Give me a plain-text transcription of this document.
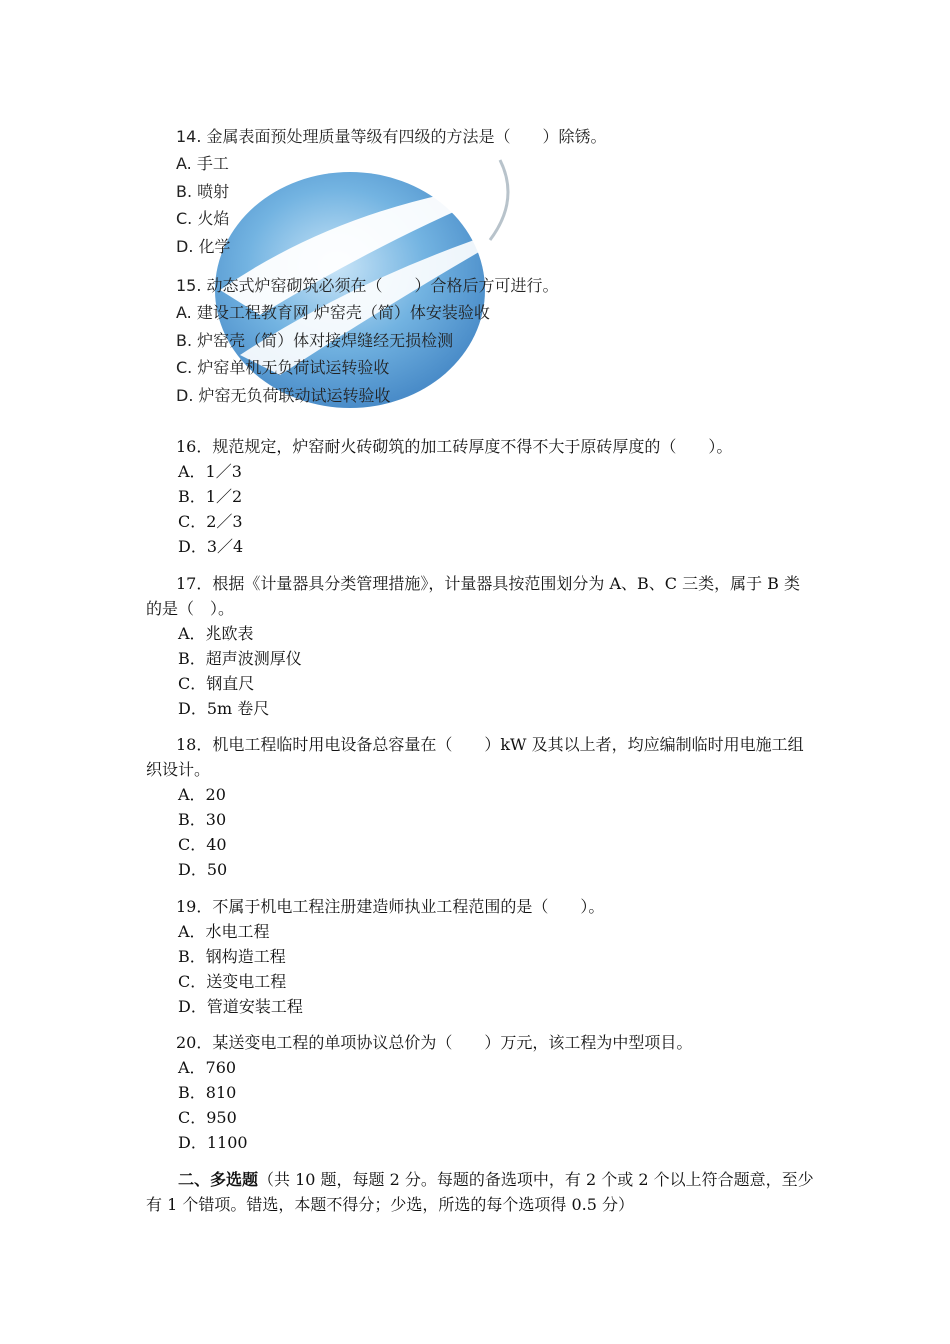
14. 金属表面预处理质量等级有四级的方法是（　　）除锈。

A. 手工
B. 喷射
C. 火焰
D. 化学

15. 动态式炉窑砌筑必须在（　　）合格后方可进行。

A. 建设工程教育网 炉窑壳（简）体安装验收
B. 炉窑壳（简）体对接焊缝经无损检测
C. 炉窑单机无负荷试运转验收
D. 炉窑无负荷联动试运转验收

16．规范规定，炉窑耐火砖砌筑的加工砖厚度不得不大于原砖厚度的（　　）。

A．1／3
B．1／2
C．2／3
D．3／4

17．根据《计量器具分类管理措施》，计量器具按范围划分为 A、B、C 三类，属于 B 类的是（　）。

A．兆欧表
B．超声波测厚仪
C．钢直尺
D．5m 卷尺

18．机电工程临时用电设备总容量在（　　）kW 及其以上者，均应编制临时用电施工组织设计。

A．20
B．30
C．40
D．50

19．不属于机电工程注册建造师执业工程范围的是（　　）。

A．水电工程
B．钢构造工程
C．送变电工程
D．管道安装工程

20．某送变电工程的单项协议总价为（　　）万元，该工程为中型项目。

A．760
B．810
C．950
D．1100

二、多选题（共 10 题，每题 2 分。每题的备选项中，有 2 个或 2 个以上符合题意，至少有 1 个错项。错选，本题不得分；少选，所选的每个选项得 0.5 分）
